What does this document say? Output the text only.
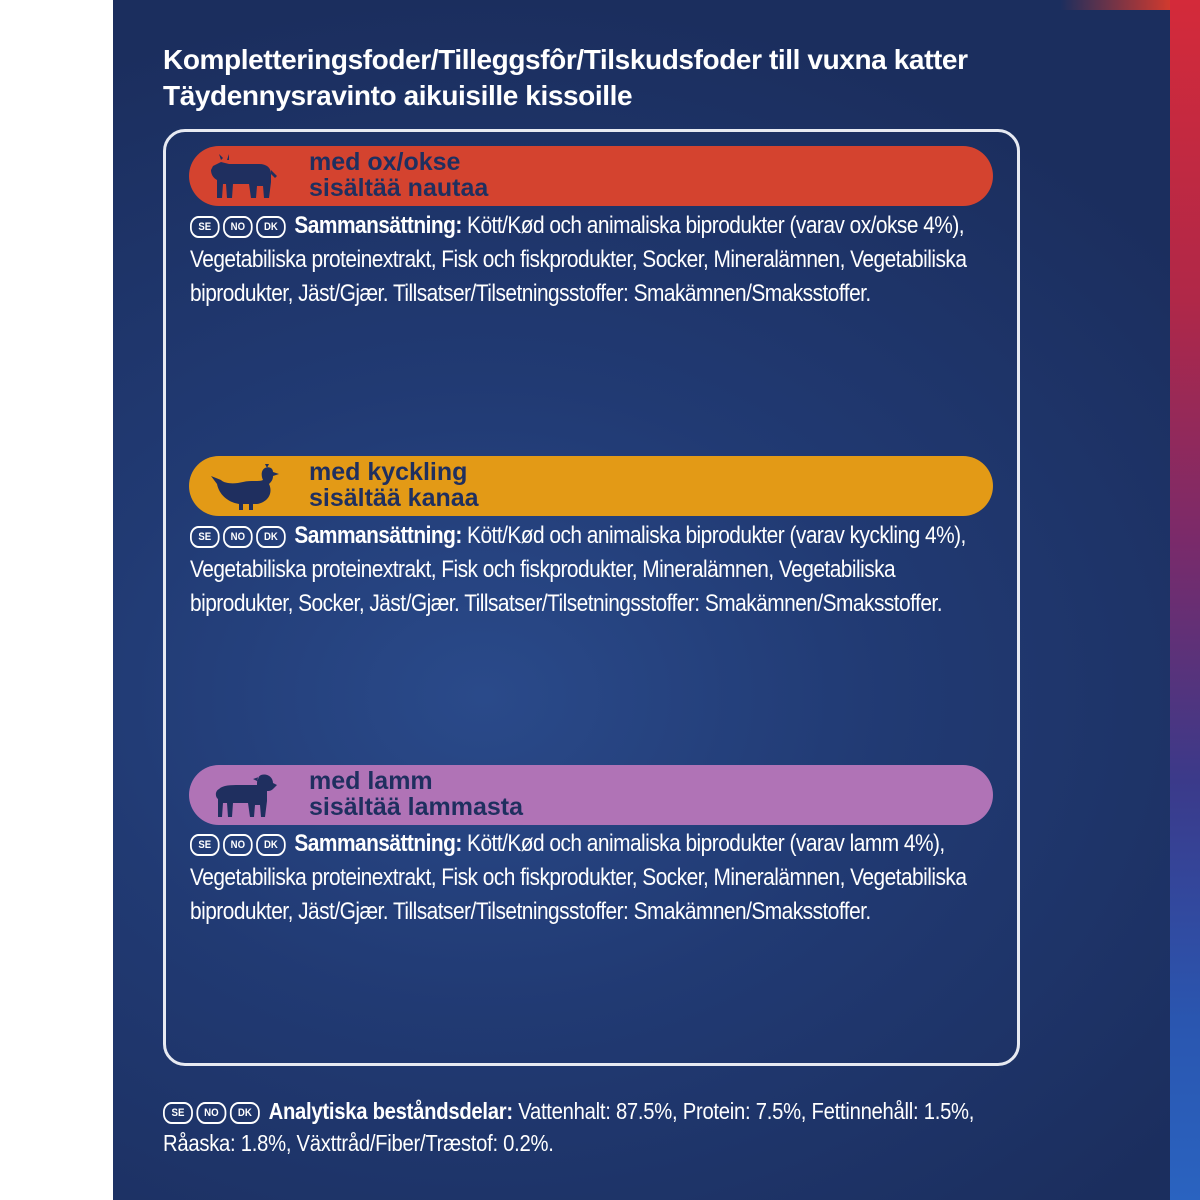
Kompletteringsfoder/Tilleggsfôr/Tilskudsfoder till vuxna katter
Täydennysravinto aikuisille kissoille
med ox/okse
sisältää nautaa
SE NO DK Sammansättning: Kött/Kød och animaliska biprodukter (varav ox/okse 4%), Vegetabiliska proteinextrakt, Fisk och fiskprodukter, Socker, Mineralämnen, Vegetabiliska biprodukter, Jäst/Gjær. Tillsatser/Tilsetningsstoffer: Smakämnen/Smaksstoffer.
med kyckling
sisältää kanaa
SE NO DK Sammansättning: Kött/Kød och animaliska biprodukter (varav kyckling 4%), Vegetabiliska proteinextrakt, Fisk och fiskprodukter, Mineralämnen, Vegetabiliska biprodukter, Socker, Jäst/Gjær. Tillsatser/Tilsetningsstoffer: Smakämnen/Smaksstoffer.
med lamm
sisältää lammasta
SE NO DK Sammansättning: Kött/Kød och animaliska biprodukter (varav lamm 4%), Vegetabiliska proteinextrakt, Fisk och fiskprodukter, Socker, Mineralämnen, Vegetabiliska biprodukter, Jäst/Gjær. Tillsatser/Tilsetningsstoffer: Smakämnen/Smaksstoffer.
SE NO DK Analytiska beståndsdelar: Vattenhalt: 87.5%, Protein: 7.5%, Fettinnehåll: 1.5%, Råaska: 1.8%, Växttråd/Fiber/Træstof: 0.2%.
